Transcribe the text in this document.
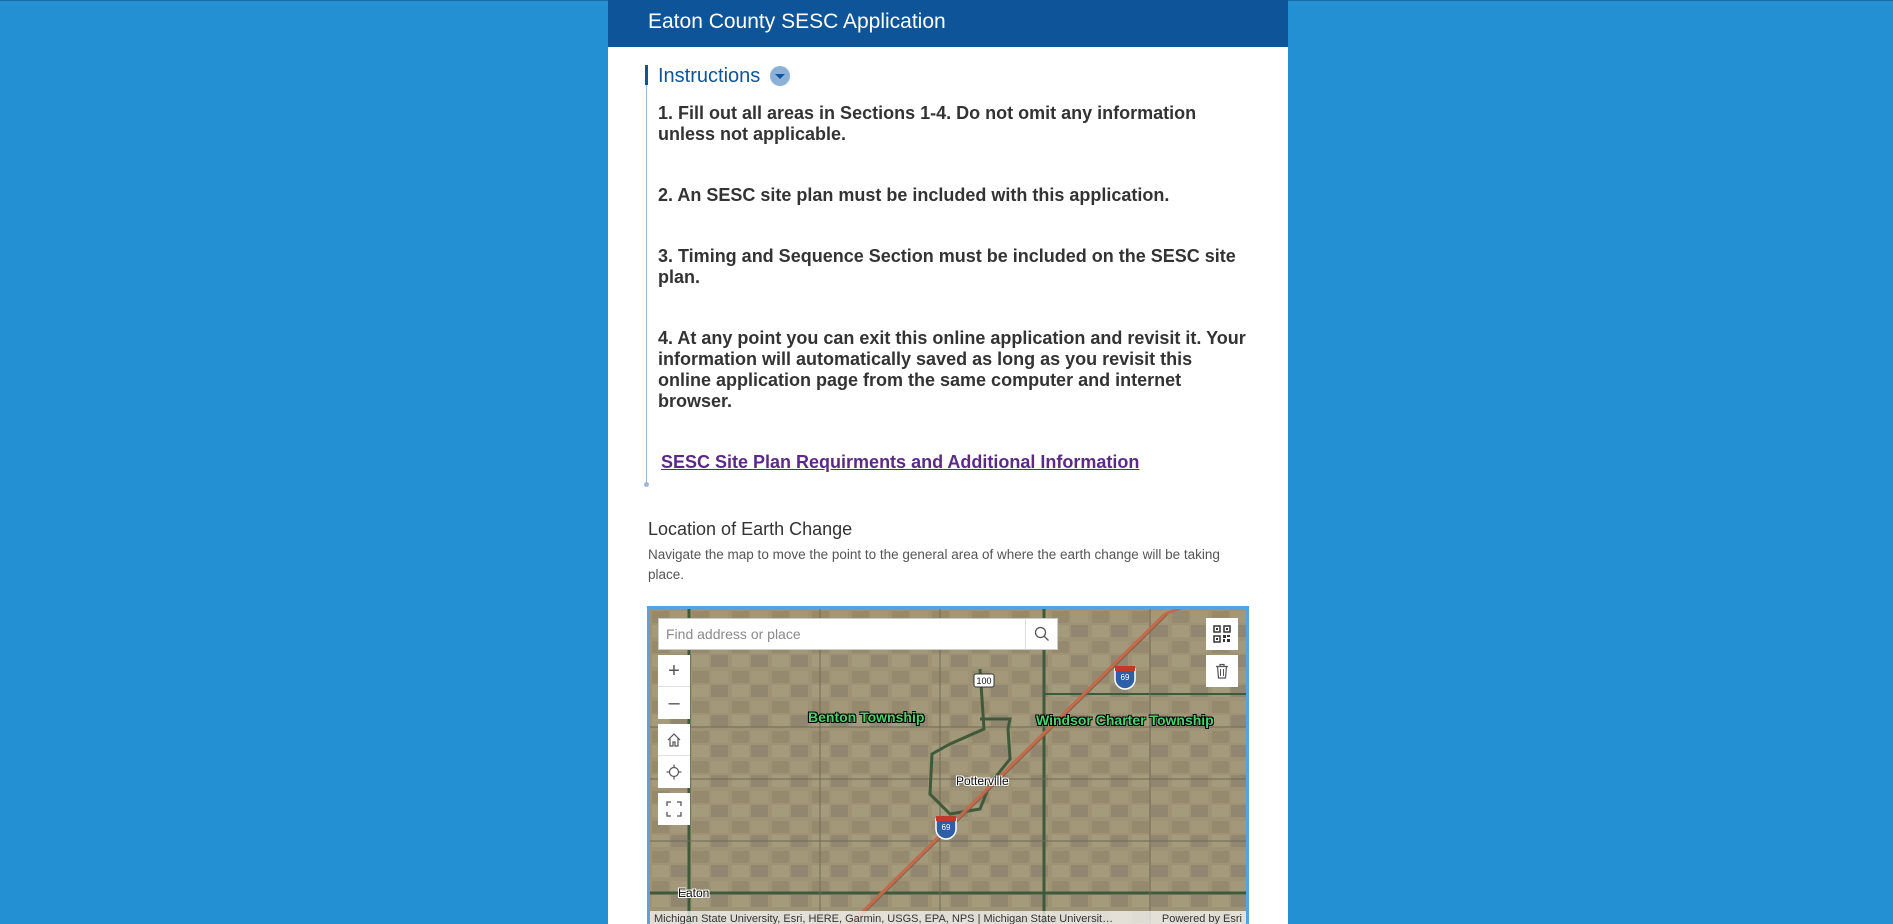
Eaton County SESC Application
Instructions

1. Fill out all areas in Sections 1-4. Do not omit any information unless not applicable.

2. An SESC site plan must be included with this application.

3. Timing and Sequence Section must be included on the SESC site plan.

4. At any point you can exit this online application and revisit it. Your information will automatically saved as long as you revisit this online application page from the same computer and internet browser.

SESC Site Plan Requirments and Additional Information
Location of Earth Change
Navigate the map to move the point to the general area of where the earth change will be taking place.
100	69
69
Benton Township	Windsor Charter Township
Potterville
Eaton
Find address or place
+
–
Michigan State University, Esri, HERE, Garmin, USGS, EPA, NPS | Michigan State Universit…	Powered by Esri
